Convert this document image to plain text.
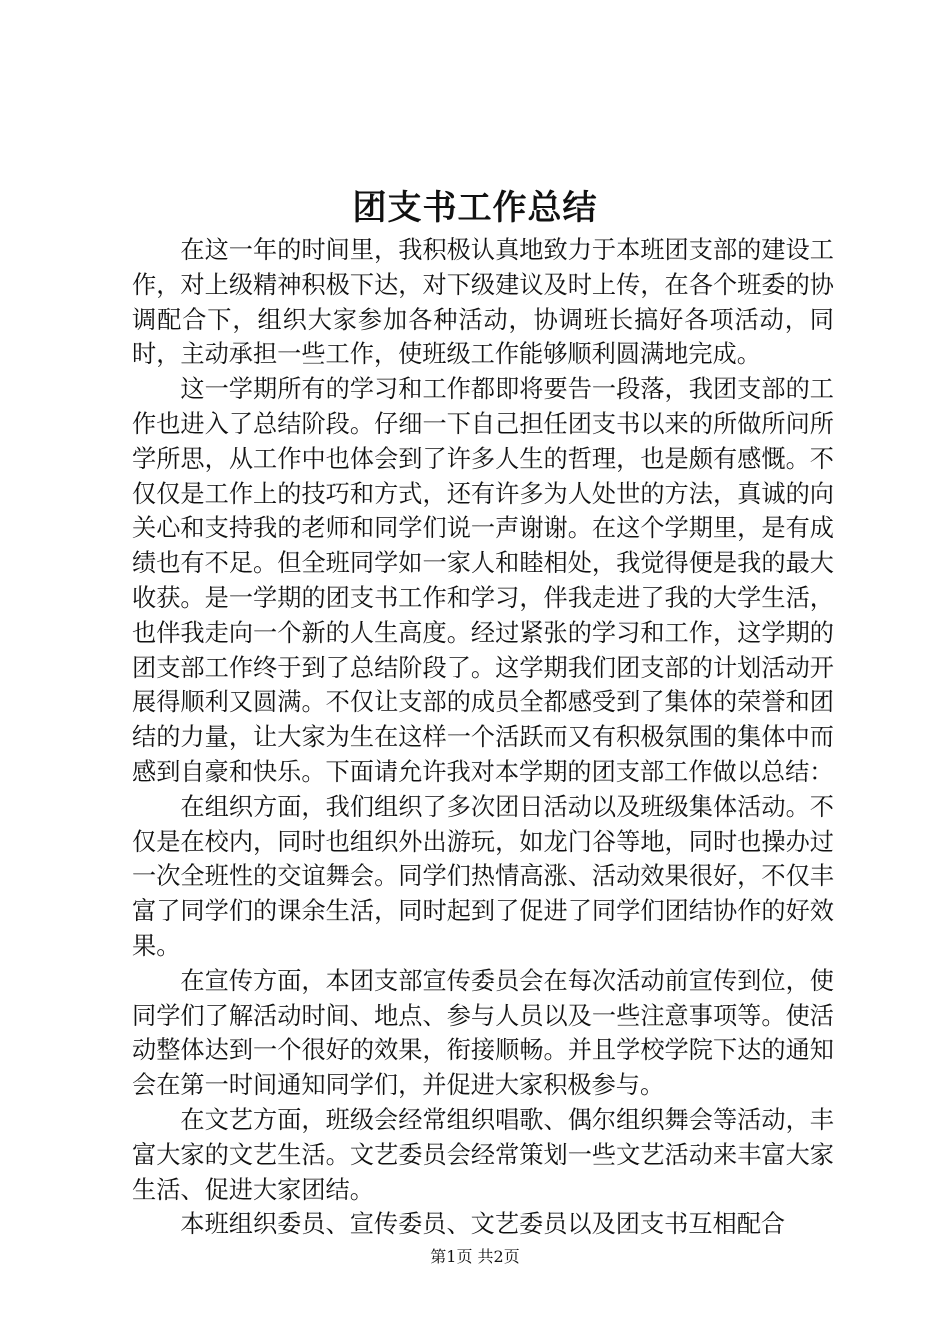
团支书工作总结

在这一年的时间里，我积极认真地致力于本班团支部的建设工作，对上级精神积极下达，对下级建议及时上传，在各个班委的协调配合下，组织大家参加各种活动，协调班长搞好各项活动，同时，主动承担一些工作，使班级工作能够顺利圆满地完成。

这一学期所有的学习和工作都即将要告一段落，我团支部的工作也进入了总结阶段。仔细一下自己担任团支书以来的所做所问所学所思，从工作中也体会到了许多人生的哲理，也是颇有感慨。不仅仅是工作上的技巧和方式，还有许多为人处世的方法，真诚的向关心和支持我的老师和同学们说一声谢谢。在这个学期里，是有成绩也有不足。但全班同学如一家人和睦相处，我觉得便是我的最大收获。是一学期的团支书工作和学习，伴我走进了我的大学生活，也伴我走向一个新的人生高度。经过紧张的学习和工作，这学期的团支部工作终于到了总结阶段了。这学期我们团支部的计划活动开展得顺利又圆满。不仅让支部的成员全都感受到了集体的荣誉和团结的力量，让大家为生在这样一个活跃而又有积极氛围的集体中而感到自豪和快乐。下面请允许我对本学期的团支部工作做以总结：

在组织方面，我们组织了多次团日活动以及班级集体活动。不仅是在校内，同时也组织外出游玩，如龙门谷等地，同时也操办过一次全班性的交谊舞会。同学们热情高涨、活动效果很好，不仅丰富了同学们的课余生活，同时起到了促进了同学们团结协作的好效果。

在宣传方面，本团支部宣传委员会在每次活动前宣传到位，使同学们了解活动时间、地点、参与人员以及一些注意事项等。使活动整体达到一个很好的效果，衔接顺畅。并且学校学院下达的通知会在第一时间通知同学们，并促进大家积极参与。

在文艺方面，班级会经常组织唱歌、偶尔组织舞会等活动，丰富大家的文艺生活。文艺委员会经常策划一些文艺活动来丰富大家生活、促进大家团结。

本班组织委员、宣传委员、文艺委员以及团支书互相配合

第1页 共2页
